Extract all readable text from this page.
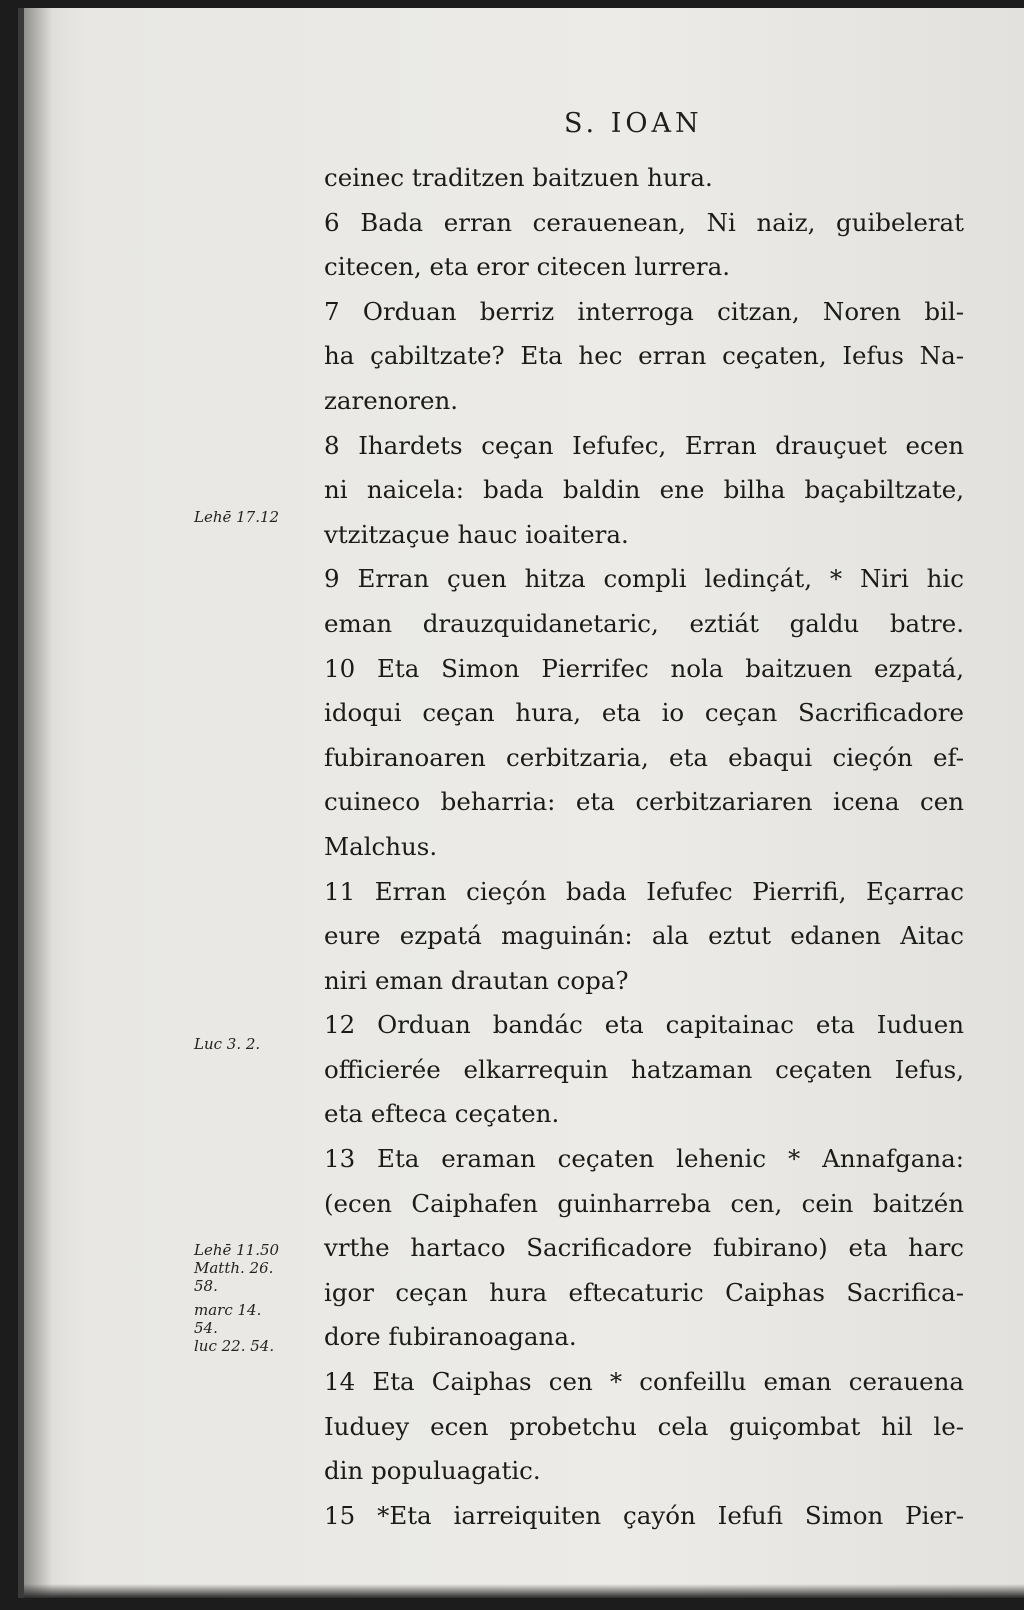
S. IOAN
Lehē 17.12
Luc 3. 2.
Lehē 11.50
Matth. 26.
58.
marc 14.
54.
luc 22. 54.
ceinec traditzen baitzuen hura.
6 Bada erran cerauenean, Ni naiz, guibelerat
citecen, eta eror citecen lurrera.
7 Orduan berriz interroga citzan, Noren bil-
ha çabiltzate? Eta hec erran ceçaten, Iefus Na-
zarenoren.
8 Ihardets ceçan Iefufec, Erran drauçuet ecen
ni naicela: bada baldin ene bilha baçabiltzate,
vtzitzaçue hauc ioaitera.
9 Erran çuen hitza compli ledinçát, * Niri hic
eman drauzquidanetaric, eztiát galdu batre.
10 Eta Simon Pierrifec nola baitzuen ezpatá,
idoqui ceçan hura, eta io ceçan Sacrificadore
fubiranoaren cerbitzaria, eta ebaqui cieçón ef-
cuineco beharria: eta cerbitzariaren icena cen
Malchus.
11 Erran cieçón bada Iefufec Pierrifi, Eçarrac
eure ezpatá maguinán: ala eztut edanen Aitac
niri eman drautan copa?
12 Orduan bandác eta capitainac eta Iuduen
officierée elkarrequin hatzaman ceçaten Iefus,
eta efteca ceçaten.
13 Eta eraman ceçaten lehenic * Annafgana:
(ecen Caiphafen guinharreba cen, cein baitzén
vrthe hartaco Sacrificadore fubirano) eta harc
igor ceçan hura eftecaturic Caiphas Sacrifica-
dore fubiranoagana.
14 Eta Caiphas cen * confeillu eman cerauena
Iuduey ecen probetchu cela guiçombat hil le-
din populuagatic.
15 *Eta iarreiquiten çayón Iefufi Simon Pier-
